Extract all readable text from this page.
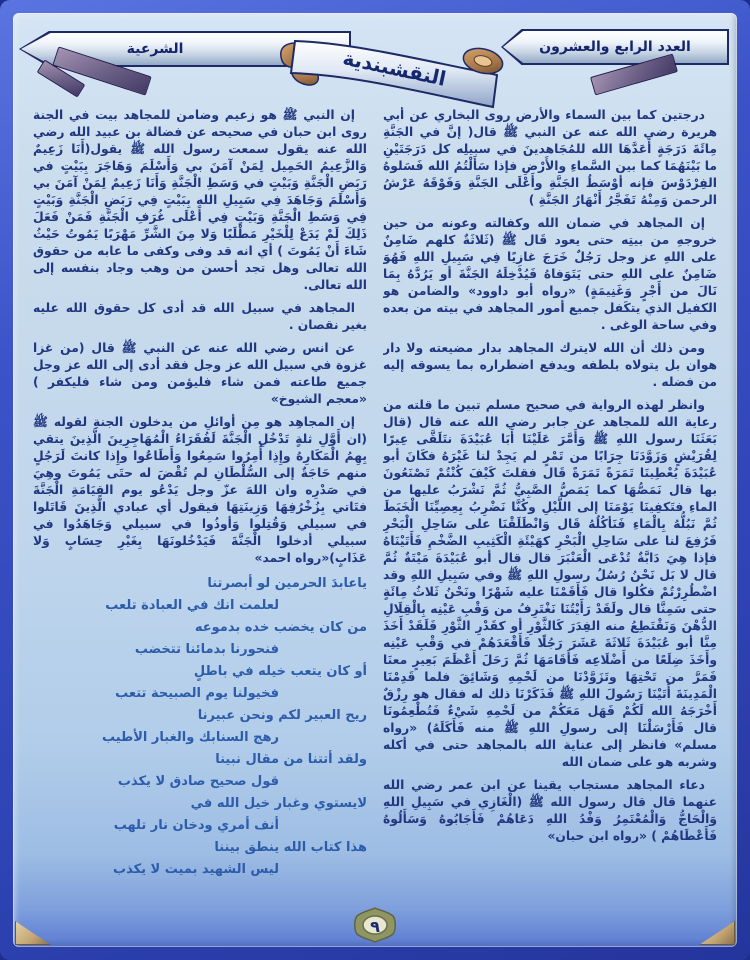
العدد الرابع والعشرون
الشرعية	النقشبندية

درجتين كما بين السماء والأرض روى البخاري عن أبي هريرة رضي الله عنه عن النبي ﷺ قال( إنَّ في الجَنَّةِ مِائَةَ دَرَجَةٍ أَعَدَّهَا الله للمُجَاهدينَ في سبيلِه كل دَرَجَتَيْنِ ما بَيْنَهُمَا كما بين السَّماءِ والأَرْضِ فإذا سَأَلْتُمُ الله فَسَلوهُ الفِرْدَوْسَ فإنه أوْسَطُ الجَنَّةِ وأَعْلَى الجَنَّةِ وَفَوْقَهُ عَرْشُ الرحمن وَمِنْهُ تَفَجَّرُ أَنْهَارُ الجَنَّةِ )

إن المجاهد في ضمان الله وكفالته وعونه من حين خروجهِ من بيتِه حتى يعود قَال ﷺ (ثَلاثَةٌ كلهم ضَامِنٌ على اللهِ عز وجل رَجُلٌ خَرَجَ غازِيًا فِي سَبِيلِ اللهِ فَهُوَ ضَامِنٌ على اللهِ حتى يَتَوَفاهُ فَيُدْخِلَهُ الجَنَّةَ أو يَرُدَّهُ بِمَا نَالَ من أَجْرٍ وَغَنِيمَةٍ) «رواه أبو داوود» والضامن هو الكفيل الذي يتكَفل جميع أمور المجاهد في بيته من بعده وفي ساحة الوغى .

ومن ذلك أن الله لايترك المجاهد بدار مضيعته ولا دار هوان بل يتولاه بلطفه ويدفع اضطراره بما يسوقه إليه من فضله .

وانظر لهذه الرواية في صحيح مسلم تبين ما قلته من رعاية الله للمجاهد عن جابر رضي الله عنه قال (قال بَعَثَنَا رسول اللهِ ﷺ وَأَمَّرَ عَلَيْنَا أَبَا عُبَيْدَةَ نتَلَقَّى عِيرًا لِقُرَيْشٍ وَزَوَّدَنَا جِرَابًا من تَمْرٍ لم يَجِدْ لنا غَيْرَهُ فكَانَ أبو عُبَيْدَةَ يُعْطِينَا تَمَرَةً تَمَرَةً قَال فقلتَ كَيْفَ كُنْتُمْ تَصْنَعُونَ بها قال نَمَصُّهَا كما يَمَصُّ الصَّبِيُّ ثُمَّ نَشْرَبُ عليها من الماءِ فتَكفِينَا يَوْمَنَا إلى اللَّيْلِ وكُنَّا نَضْرِبُ بِعِصِيِّنَا الْخَبَطَ ثُمَّ نَبُلُّهُ بِالْمَاءِ فَنَأكُلُهُ قَال وَانْطَلَقْنَا على سَاحِلِ الْبَحْرِ فَرُفِعَ لنا على سَاحِلِ الْبَحْرِ كهَيْئَةِ الْكَثِيبِ الضَّخْمِ فَأَتَيْنَاهُ فإذا هِيَ دَابَّةٌ تُدْعَى الْعَنْبَرَ قال قال أبو عُبَيْدَةَ مَيْتَةٌ ثُمَّ قال لا بَل نَحْنُ رُسُلُ رسولِ اللهِ ﷺ وفي سَبِيلِ اللهِ وقد اضْطُرِرْتُمْ فكُلوا قال فَأَقَمْنَا عليه شَهْرًا ونَحْنُ ثَلاثُ مِائَةٍ حتى سَمِنَّا قال ولَقَدْ رَأَيْتُنَا نَغْتَرِفُ من وَقْبِ عَيْنِه بِالْقِلَالِ الدُّهْنَ وَنَقْتَطِعُ منه الفِدَرَ كَالثَّوْرِ أو كقَدْرِ الثَّوْرِ فَلَقَدْ أَخَذَ مِنَّا أبو عُبَيْدَةَ ثَلاثَةَ عَشَرَ رَجُلًا فَأَقْعَدَهُمْ في وَقْبِ عَيْنِه وأَخَذَ ضِلَعًا من أَضْلَاعِه فَأَقَامَهَا ثُمَّ رَحَلَ أَعْظَمَ بَعِيرٍ معنَا فَمَرَّ من تَحْتِهَا وتَزَوَّدْنَا من لَحْمِهِ وَشَائِقَ فلما قَدِمْنَا الْمَدِينَةَ أَتَيْنَا رَسُولَ اللهِ ﷺ فَذَكَرْنَا ذلك له فقال هو رِزْقٌ أَخْرَجَهُ الله لَكُمْ فَهَل مَعَكُمْ من لَحْمِهِ شَيْءٌ فَتُطْعِمُونَا قال فَأَرْسَلْنَا إلى رسولِ اللهِ ﷺ منه فَأَكَلَهُ) «رواه مسلم» فانظر إلى عناية الله بالمجاهد حتى في أكله وشربه هو على ضمان الله

دعاء المجاهد مستجاب يقينا عن ابن عمر رضي الله عنهما قال قال رسول الله ﷺ (الْغَازِي في سَبِيلِ اللهِ وَالْحَاجُّ وَالْمُعْتَمِرُ وَفْدُ اللهِ دَعَاهُمْ فَأَجَابُوهُ وَسَأَلُوهُ فَأَعْطَاهُمْ ) «رواه ابن حبان»

إن النبي ﷺ هو زعيم وضامن للمجاهد بيت في الجنة روى ابن حبان في صحيحه عن فضالة بن عبيد الله رضي الله عنه يقول سمعت رسول الله ﷺ يقول(أَنَا زَعِيمٌ وَالزَّعِيمُ الحَمِيل لِمَنْ آمَنَ بي وَأَسْلَمَ وَهَاجَرَ بِبَيْتٍ في رَبَضِ الْجَنَّةِ وَبَيْتٍ في وَسَطِ الْجَنَّةِ وَأَنَا زَعِيمٌ لِمَنْ آمَنَ بي وَأَسْلَمَ وَجَاهَدَ فِي سَبِيلِ اللهِ بِبَيْتٍ فِي رَبَضِ الْجَنَّةِ وَبَيْتٍ فِي وَسَطِ الْجَنَّةِ وَبَيْتٍ فِي أَعْلَى غُرَفِ الْجَنَّةِ فَمَنْ فَعَلَ ذَلِكَ لَمْ يَدَعْ لِلْخَيْرِ مَطْلَبًا وَلا مِنَ الشَّرِّ مَهْرَبًا يَمُوتُ حَيْثُ شَاءَ أَنْ يَمُوتَ ) أي انه قد وفى وكفى ما عابه من حقوق الله تعالى وهل تجد أحسن من وهب وجاد بنفسه إلى الله تعالى.

المجاهد في سبيل الله قد أدى كل حقوق الله عليه بغير نقصان .

عن انس رضي الله عنه عن النبي ﷺ قال (من غزا غزوة في سبيل الله عز وجل فقد أدى إلى الله عز وجل جميع طاعته فمن شاء فليؤمن ومن شاء فليكفر ) «معجم الشيوخ»

إن المجاهِد هو مِن أوائلِ من يدخلون الجنةِ لقوله ﷺ (ان أَوَّلِ ثلةٍ تَدْخُلِ الْجَنَّةَ لَفُقَرَاءُ الْمُهَاجِرِينَ الَّذِينَ يتقي بِهِمُ الْمَكَارِهُ وإِذِا أُمِرُوا سَمِعُوا وَأَطَاعُوا وإِذا كانتَ لَرَجُلٍ منهم حَاجَةٌ إلى السُّلْطَانِ لم تُقْضَ له حتَى يَمُوتَ وهِيَ في صَدْرِه وان اللهَ عزّ وجل يَدْعُو يوم القِيَامَةِ الْجَنَّةَ فتَاتي بِزُخْرُفِهَا وَزِينَتِهَا فيقول أي عبادي الَّذِينَ قَاتَلوا في سبيلي وَقُتِلوا وَأوذُوا في سبيلي وَجَاهَدُوا في سبيلي أدخلوا الْجَنَّةَ فَيَدْخُلونَهَا بِغَيْرِ حِسَابٍ وَلا عَذَابٍ)«رواه احمد»

ياعابدَ الحرمين لو أبصرتنا
لعلمت انك في العبادة تلعب
من كان يخضب خده بدموعه
فنحورنا بدمائنا تتخضب
أو كان يتعب خيله في باطلٍ
فخيولنا يوم الصبيحة تتعب
ريح العبير لكم ونحن عبيرنا
رهج السنابك والغبار الأطيب
ولقد أتتنا من مقال نبينا
قول صحيح صادق لا يكذب
لايستوي وغبار خيل الله في
أنف أمري ودخان نار تلهب
هذا كتاب الله ينطق بيننا
ليس الشهيد بميت لا يكذب
٩
